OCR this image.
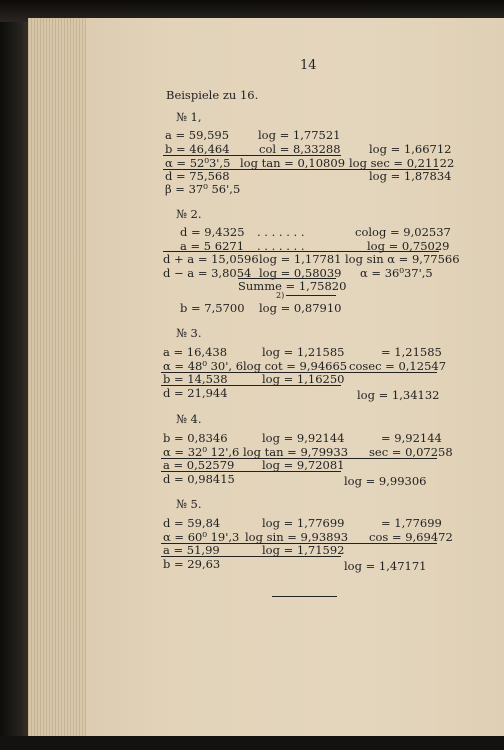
14
Beispiele zu 16.
№ 1,
a = 59,595	log = 1,77521
b = 46,464	col = 8,33288 log = 1,66712
α = 52⁰3',5 log tan = 0,10809 log sec = 0,21122
d = 75,568	log = 1,87834
β = 37⁰ 56',5
№ 2.
d = 9,4325 . . . . . . .	colog = 9,02537
a = 5 6271 . . . . . . .	log = 0,75029
d + a = 15,0596 log = 1,17781 log sin α = 9,77566
d − a = 3,8054 log = 0,58039 α = 36⁰37',5
Summe = 1,75820
2)
b = 7,5700 log = 0,87910
№ 3.
a = 16,438	log = 1,21585	= 1,21585
α = 48⁰ 30', 6 log cot = 9,94665 cosec = 0,12547
b = 14,538	log = 1,16250
d = 21,944	log = 1,34132
№ 4.
b = 0,8346	log = 9,92144	= 9,92144
α = 32⁰ 12',6 log tan = 9,79933 sec = 0,07258
a = 0,52579 log = 9,72081
d = 0,98415	log = 9,99306
№ 5.
d = 59,84	log = 1,77699	= 1,77699
α = 60⁰ 19',3 log sin = 9,93893 cos = 9,69472
a = 51,99	log = 1,71592
b = 29,63	log = 1,47171
